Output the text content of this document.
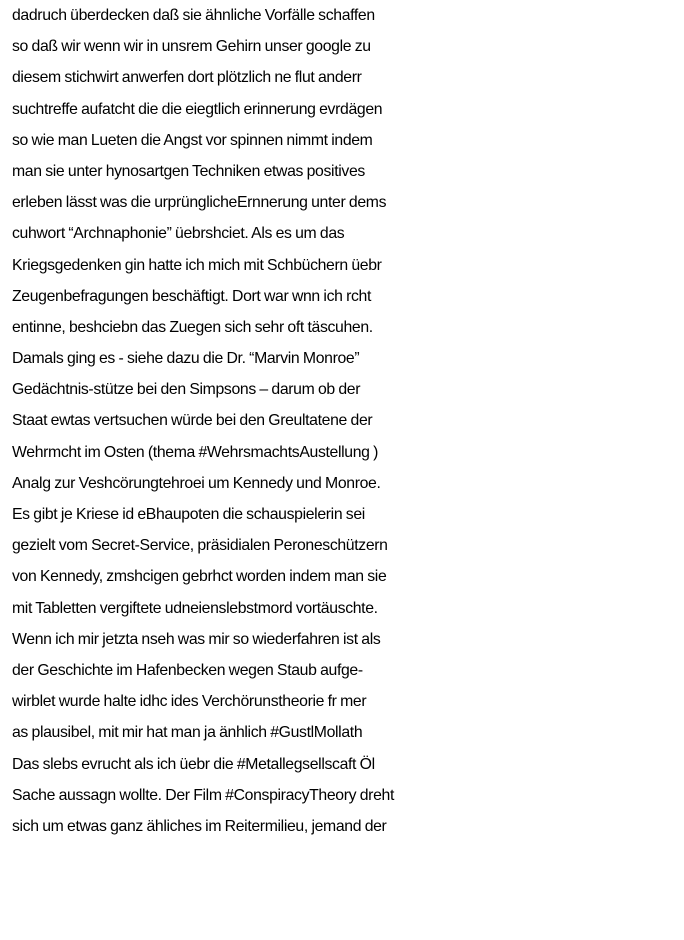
dadruch überdecken daß sie ähnliche Vorfälle schaffen
so daß wir wenn wir in unsrem Gehirn unser google zu
diesem stichwirt anwerfen dort plötzlich ne flut anderr
suchtreffe aufatcht die die eiegtlich erinnerung evrdägen
so wie man Lueten die Angst vor spinnen nimmt indem
man sie unter hynosartgen Techniken etwas positives
erleben lässt was die urprünglicheErnnerung unter dems
cuhwort “Archnaphonie” üebrshciet. Als es um das
Kriegsgedenken gin hatte ich mich mit Schbüchern üebr
Zeugenbefragungen beschäftigt. Dort war wnn ich rcht
entinne, beshciebn das Zuegen sich sehr oft täscuhen.
Damals ging es - siehe dazu die Dr. “Marvin Monroe”
Gedächtnis-stütze bei den Simpsons – darum ob der
Staat ewtas vertsuchen würde bei den Greultatene der
Wehrmcht im Osten (thema #WehrsmachtsAustellung )
Analg zur Veshcörungtehroei um Kennedy und Monroe.
Es gibt je Kriese id eBhaupoten die schauspielerin sei
gezielt vom Secret-Service, präsidialen Peroneschützern
von Kennedy, zmshcigen gebrhct worden indem man sie
mit Tabletten vergiftete udneienslebstmord vortäuschte.
Wenn ich mir jetzta nseh was mir so wiederfahren ist als
der Geschichte im Hafenbecken wegen Staub aufge-
wirblet wurde halte idhc ides Verchörunstheorie fr mer
as plausibel, mit mir hat man ja änhlich #GustlMollath
Das slebs evrucht als ich üebr die #Metallegsellscaft Öl
Sache aussagn wollte. Der Film #ConspiracyTheory dreht
sich um etwas ganz ähliches im Reitermilieu, jemand der
